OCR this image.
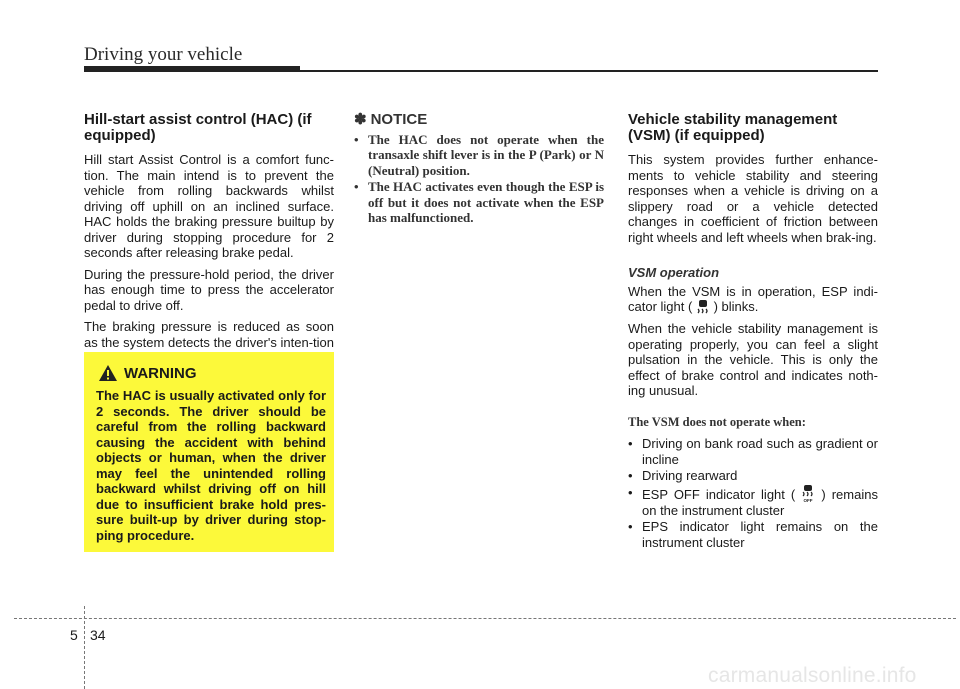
Driving your vehicle
Hill-start assist control (HAC) (if equipped)

Hill start Assist Control is a comfort func-tion. The main intend is to prevent the vehicle from rolling backwards whilst driving off uphill on an inclined surface. HAC holds the braking pressure builtup by driver during stopping procedure for 2 seconds after releasing brake pedal.

During the pressure-hold period, the driver has enough time to press the accelerator pedal to drive off.

The braking pressure is reduced as soon as the system detects the driver's inten-tion

WARNING

The HAC is usually activated only for 2 seconds. The driver should be careful from the rolling backward causing the accident with behind objects or human, when the driver may feel the unintended rolling backward whilst driving off on hill due to insufficient brake hold pres-sure built-up by driver during stop-ping procedure.

✽ NOTICE
• The HAC does not operate when the transaxle shift lever is in the P (Park) or N (Neutral) position.
• The HAC activates even though the ESP is off but it does not activate when the ESP has malfunctioned.
Vehicle stability management (VSM) (if equipped)

This system provides further enhance-ments to vehicle stability and steering responses when a vehicle is driving on a slippery road or a vehicle detected changes in coefficient of friction between right wheels and left wheels when brak-ing.

VSM operation

When the VSM is in operation, ESP indi-cator light ( ) blinks.

When the vehicle stability management is operating properly, you can feel a slight pulsation in the vehicle. This is only the effect of brake control and indicates noth-ing unusual.

The VSM does not operate when:
• Driving on bank road such as gradient or incline
• Driving rearward
• ESP OFF indicator light ( OFF ) remains on the instrument cluster
• EPS indicator light remains on the instrument cluster
5 34
carmanualsonline.info
